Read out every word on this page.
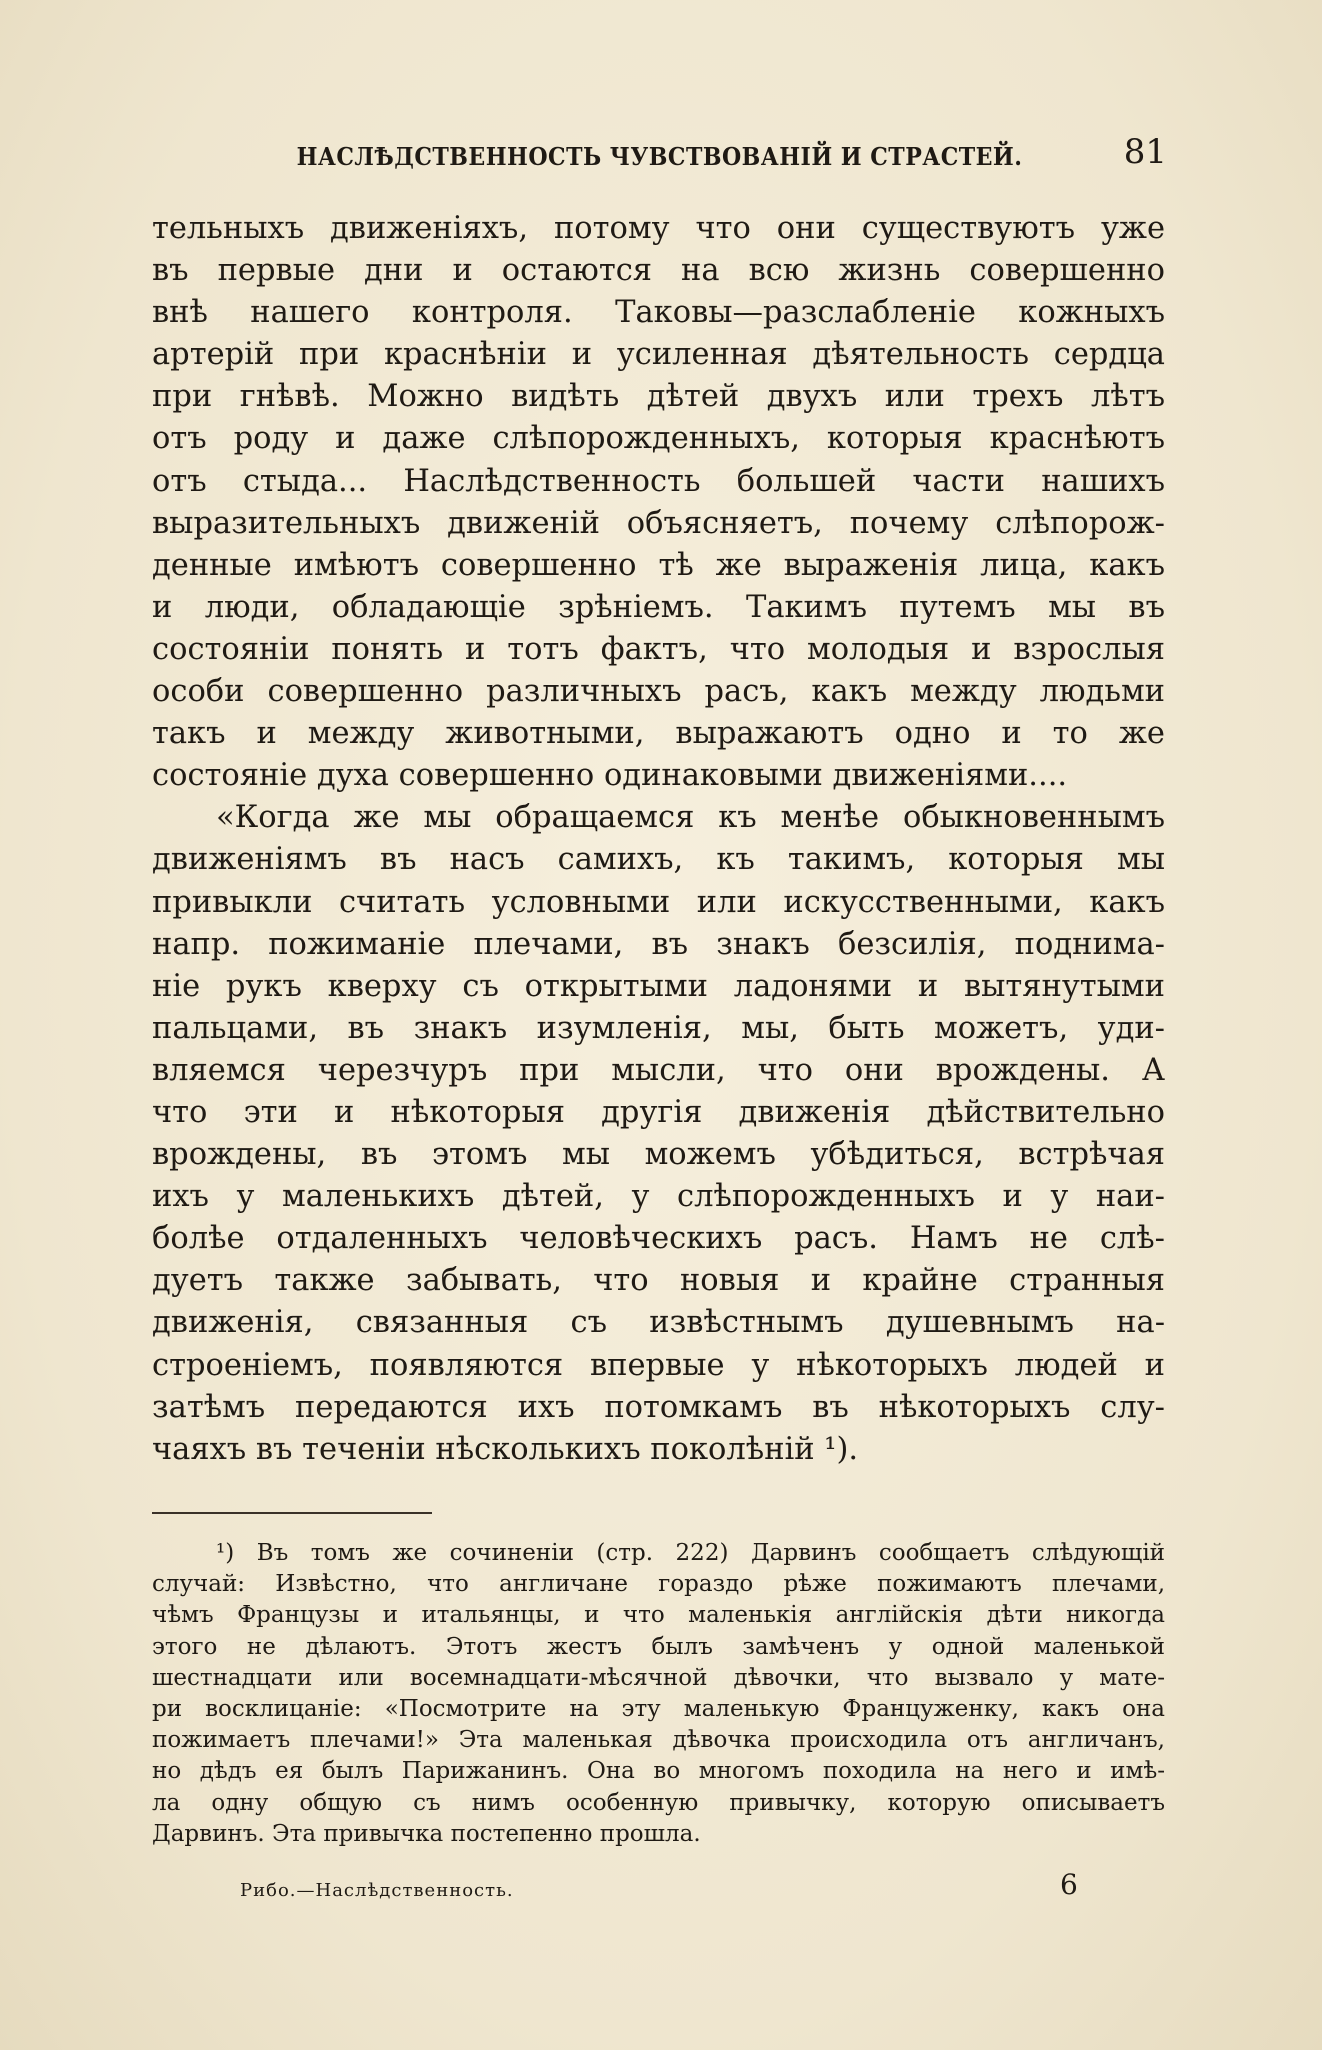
НАСЛѢДСТВЕННОСТЬ ЧУВСТВОВАНІЙ И СТРАСТЕЙ.	81
тельныхъ движеніяхъ, потому что они существуютъ уже
въ первые дни и остаются на всю жизнь совершенно
внѣ нашего контроля. Таковы—разслабленіе кожныхъ
артерій при краснѣніи и усиленная дѣятельность сердца
при гнѣвѣ. Можно видѣть дѣтей двухъ или трехъ лѣтъ
отъ роду и даже слѣпорожденныхъ, которыя краснѣютъ
отъ стыда... Наслѣдственность большей части нашихъ
выразительныхъ движеній объясняетъ, почему слѣпорож-
денные имѣютъ совершенно тѣ же выраженія лица, какъ
и люди, обладающіе зрѣніемъ. Такимъ путемъ мы въ
состояніи понять и тотъ фактъ, что молодыя и взрослыя
особи совершенно различныхъ расъ, какъ между людьми
такъ и между животными, выражаютъ одно и то же
состояніе духа совершенно одинаковыми движеніями....
«Когда же мы обращаемся къ менѣе обыкновеннымъ
движеніямъ въ насъ самихъ, къ такимъ, которыя мы
привыкли считать условными или искусственными, какъ
напр. пожиманіе плечами, въ знакъ безсилія, поднима-
ніе рукъ кверху съ открытыми ладонями и вытянутыми
пальцами, въ знакъ изумленія, мы, быть можетъ, уди-
вляемся черезчуръ при мысли, что они врождены. А
что эти и нѣкоторыя другія движенія дѣйствительно
врождены, въ этомъ мы можемъ убѣдиться, встрѣчая
ихъ у маленькихъ дѣтей, у слѣпорожденныхъ и у наи-
болѣе отдаленныхъ человѣческихъ расъ. Намъ не слѣ-
дуетъ также забывать, что новыя и крайне странныя
движенія, связанныя съ извѣстнымъ душевнымъ на-
строеніемъ, появляются впервые у нѣкоторыхъ людей и
затѣмъ передаются ихъ потомкамъ въ нѣкоторыхъ слу-
чаяхъ въ теченіи нѣсколькихъ поколѣній ¹).
¹) Въ томъ же сочиненіи (стр. 222) Дарвинъ сообщаетъ слѣдующій
случай: Извѣстно, что англичане гораздо рѣже пожимаютъ плечами,
чѣмъ Французы и итальянцы, и что маленькія англійскія дѣти никогда
этого не дѣлаютъ. Этотъ жестъ былъ замѣченъ у одной маленькой
шестнадцати или восемнадцати-мѣсячной дѣвочки, что вызвало у мате-
ри восклицаніе: «Посмотрите на эту маленькую Француженку, какъ она
пожимаетъ плечами!» Эта маленькая дѣвочка происходила отъ англичанъ,
но дѣдъ ея былъ Парижанинъ. Она во многомъ походила на него и имѣ-
ла одну общую съ нимъ особенную привычку, которую описываетъ
Дарвинъ. Эта привычка постепенно прошла.
Рибо.—Наслѣдственность.	6
